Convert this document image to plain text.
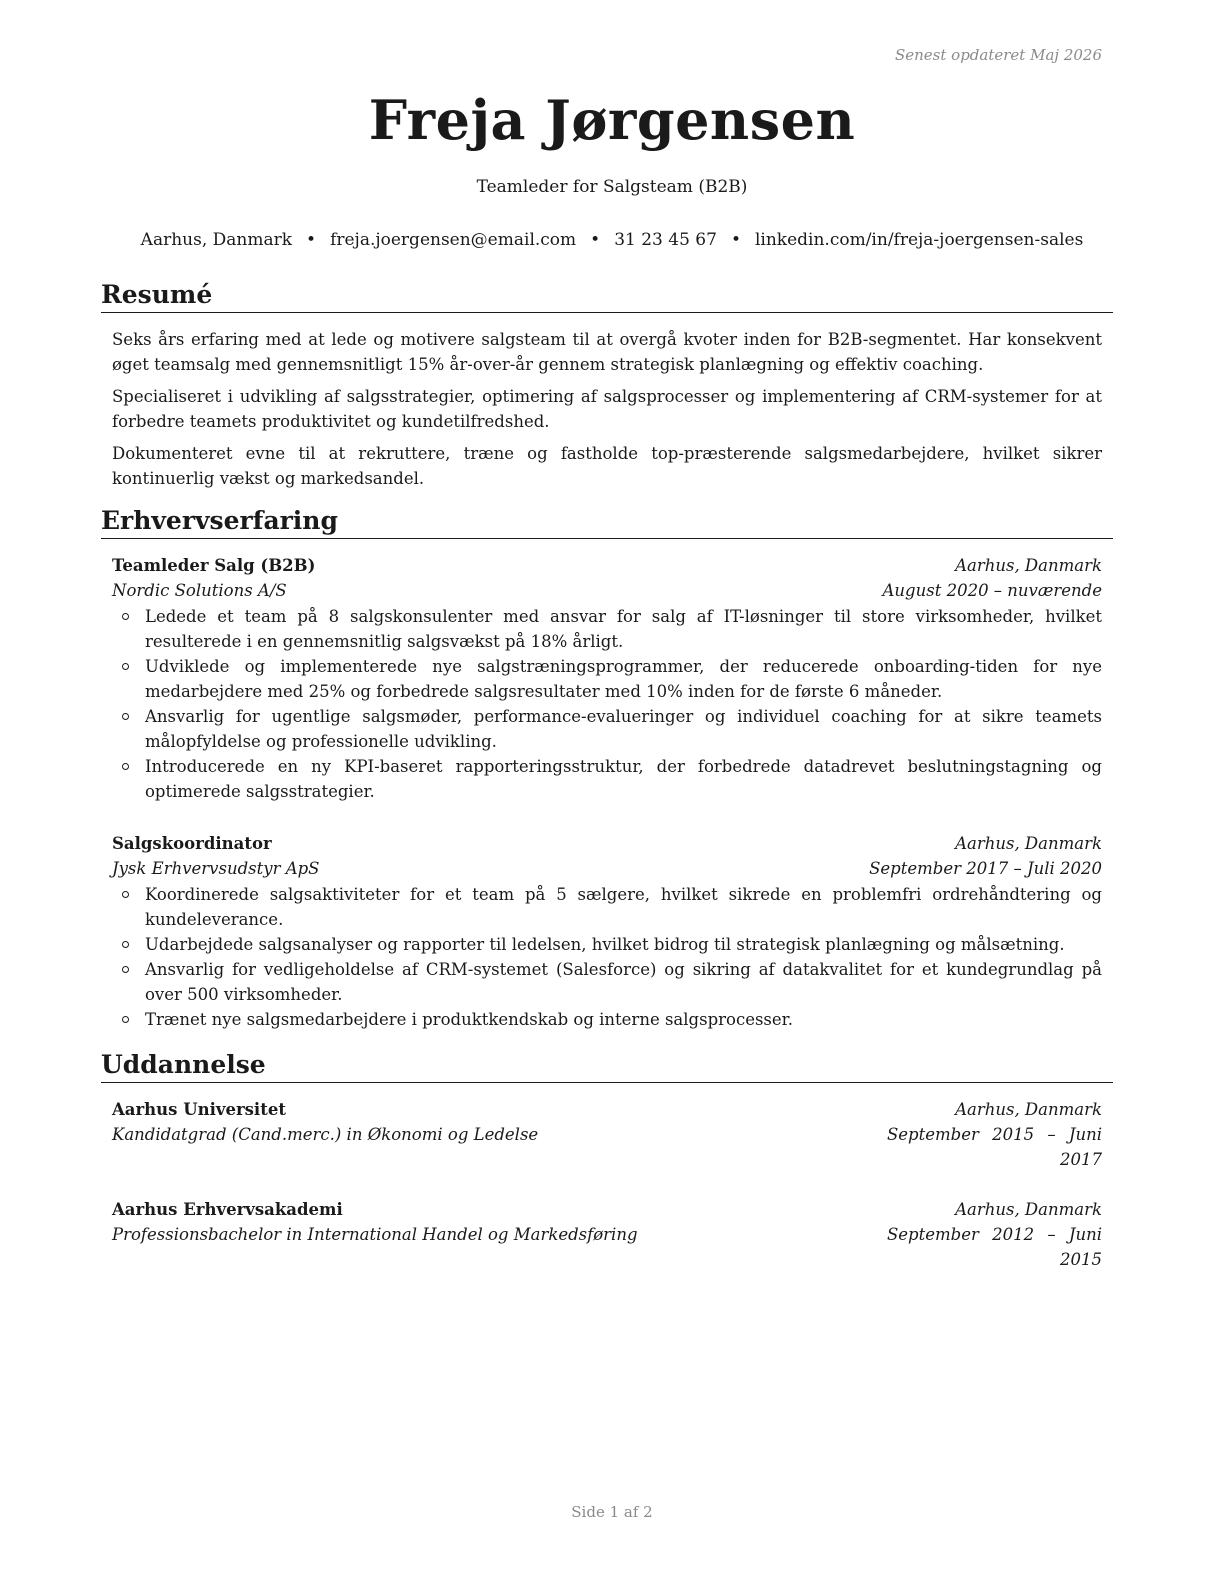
Senest opdateret Maj 2026
Freja Jørgensen
Teamleder for Salgsteam (B2B)
Aarhus, Danmark • freja.joergensen@email.com • 31 23 45 67 • linkedin.com/in/freja-joergensen-sales
Resumé
Seks års erfaring med at lede og motivere salgsteam til at overgå kvoter inden for B2B-segmentet. Har konsekvent øget teamsalg med gennemsnitligt 15% år-over-år gennem strategisk planlægning og effektiv coaching.
Specialiseret i udvikling af salgsstrategier, optimering af salgsprocesser og implementering af CRM-systemer for at forbedre teamets produktivitet og kundetilfredshed.
Dokumenteret evne til at rekruttere, træne og fastholde top-præsterende salgsmedarbejdere, hvilket sikrer kontinuerlig vækst og markedsandel.
Erhvervserfaring
Teamleder Salg (B2B)	Aarhus, Danmark
Nordic Solutions A/S	August 2020 – nuværende
Ledede et team på 8 salgskonsulenter med ansvar for salg af IT-løsninger til store virksomheder, hvilket resulterede i en gennemsnitlig salgsvækst på 18% årligt.
Udviklede og implementerede nye salgstræningsprogrammer, der reducerede onboarding-tiden for nye medarbejdere med 25% og forbedrede salgsresultater med 10% inden for de første 6 måneder.
Ansvarlig for ugentlige salgsmøder, performance-evalueringer og individuel coaching for at sikre teamets målopfyldelse og professionelle udvikling.
Introducerede en ny KPI-baseret rapporteringsstruktur, der forbedrede datadrevet beslutningstagning og optimerede salgsstrategier.
Salgskoordinator	Aarhus, Danmark
Jysk Erhvervsudstyr ApS	September 2017 – Juli 2020
Koordinerede salgsaktiviteter for et team på 5 sælgere, hvilket sikrede en problemfri ordrehåndtering og kundeleverance.
Udarbejdede salgsanalyser og rapporter til ledelsen, hvilket bidrog til strategisk planlægning og målsætning.
Ansvarlig for vedligeholdelse af CRM-systemet (Salesforce) og sikring af datakvalitet for et kundegrundlag på over 500 virksomheder.
Trænet nye salgsmedarbejdere i produktkendskab og interne salgsprocesser.
Uddannelse
Aarhus Universitet	Aarhus, Danmark
Kandidatgrad (Cand.merc.) in Økonomi og Ledelse	September 2015 – Juni
2017
Aarhus Erhvervsakademi	Aarhus, Danmark
Professionsbachelor in International Handel og Markedsføring	September 2012 – Juni
2015
Side 1 af 2
